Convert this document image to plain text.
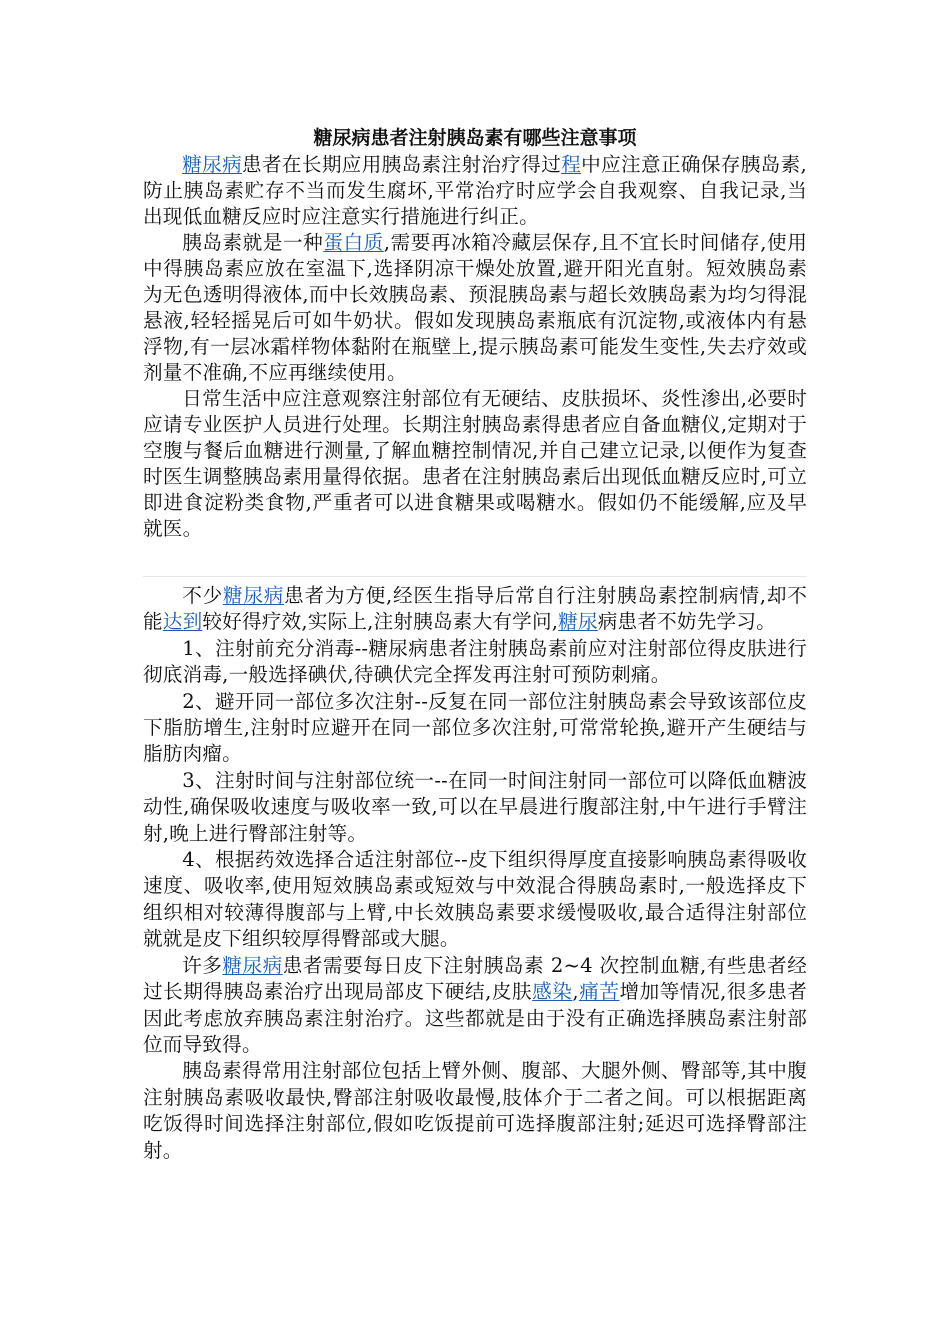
糖尿病患者注射胰岛素有哪些注意事项

糖尿病患者在长期应用胰岛素注射治疗得过程中应注意正确保存胰岛素,防止胰岛素贮存不当而发生腐坏,平常治疗时应学会自我观察、自我记录,当出现低血糖反应时应注意实行措施进行纠正。

胰岛素就是一种蛋白质,需要再冰箱冷藏层保存,且不宜长时间储存,使用中得胰岛素应放在室温下,选择阴凉干燥处放置,避开阳光直射。短效胰岛素为无色透明得液体,而中长效胰岛素、预混胰岛素与超长效胰岛素为均匀得混悬液,轻轻摇晃后可如牛奶状。假如发现胰岛素瓶底有沉淀物,或液体内有悬浮物,有一层冰霜样物体黏附在瓶壁上,提示胰岛素可能发生变性,失去疗效或剂量不准确,不应再继续使用。

日常生活中应注意观察注射部位有无硬结、皮肤损坏、炎性渗出,必要时应请专业医护人员进行处理。长期注射胰岛素得患者应自备血糖仪,定期对于空腹与餐后血糖进行测量,了解血糖控制情况,并自己建立记录,以便作为复查时医生调整胰岛素用量得依据。患者在注射胰岛素后出现低血糖反应时,可立即进食淀粉类食物,严重者可以进食糖果或喝糖水。假如仍不能缓解,应及早就医。

不少糖尿病患者为方便,经医生指导后常自行注射胰岛素控制病情,却不能达到较好得疗效,实际上,注射胰岛素大有学问,糖尿病患者不妨先学习。

1、注射前充分消毒--糖尿病患者注射胰岛素前应对注射部位得皮肤进行彻底消毒,一般选择碘伏,待碘伏完全挥发再注射可预防刺痛。

2、避开同一部位多次注射--反复在同一部位注射胰岛素会导致该部位皮下脂肪增生,注射时应避开在同一部位多次注射,可常常轮换,避开产生硬结与脂肪肉瘤。

3、注射时间与注射部位统一--在同一时间注射同一部位可以降低血糖波动性,确保吸收速度与吸收率一致,可以在早晨进行腹部注射,中午进行手臂注射,晚上进行臀部注射等。

4、根据药效选择合适注射部位--皮下组织得厚度直接影响胰岛素得吸收速度、吸收率,使用短效胰岛素或短效与中效混合得胰岛素时,一般选择皮下组织相对较薄得腹部与上臂,中长效胰岛素要求缓慢吸收,最合适得注射部位就就是皮下组织较厚得臀部或大腿。

许多糖尿病患者需要每日皮下注射胰岛素 2~4 次控制血糖,有些患者经过长期得胰岛素治疗出现局部皮下硬结,皮肤感染,痛苦增加等情况,很多患者因此考虑放弃胰岛素注射治疗。这些都就是由于没有正确选择胰岛素注射部位而导致得。

胰岛素得常用注射部位包括上臂外侧、腹部、大腿外侧、臀部等,其中腹注射胰岛素吸收最快,臀部注射吸收最慢,肢体介于二者之间。可以根据距离吃饭得时间选择注射部位,假如吃饭提前可选择腹部注射;延迟可选择臀部注射。
